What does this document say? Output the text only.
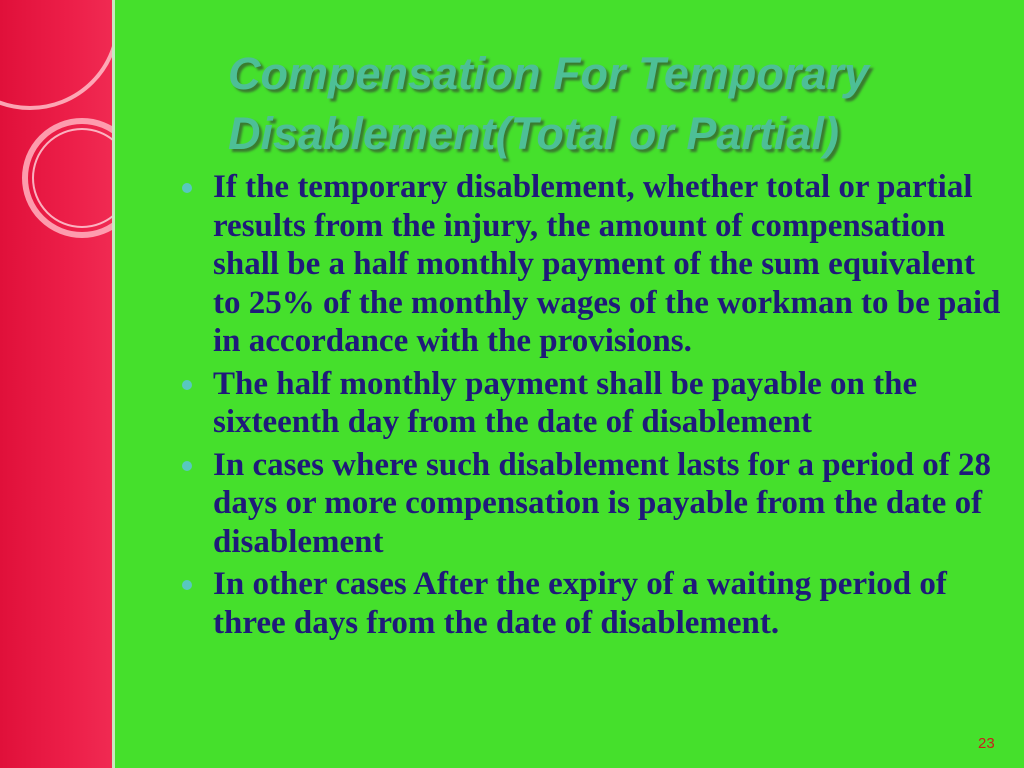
Compensation For Temporary
Disablement(Total or Partial)
If the temporary disablement, whether total or partial results from the injury, the amount of compensation shall be a half monthly payment of the sum equivalent to 25% of the monthly wages of the workman to be paid in accordance with the provisions.
The half monthly payment shall be payable on the sixteenth day from the date of disablement
In cases where such disablement lasts for a period of 28 days or more compensation is payable from the date of disablement
In other cases After the expiry of a waiting period of three days from the date of disablement.
23
